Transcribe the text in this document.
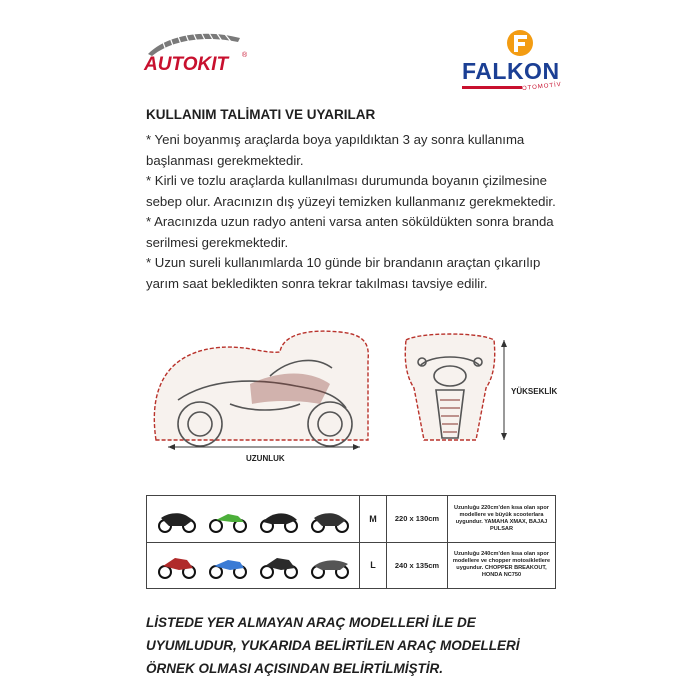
AUTOKIT ®
FALKON
OTOMOTİV
KULLANIM TALİMATI VE UYARILAR

* Yeni boyanmış araçlarda boya yapıldıktan 3 ay sonra kullanıma başlanması gerekmektedir.

* Kirli ve tozlu araçlarda kullanılması durumunda boyanın çizilmesine sebep olur. Aracınızın dış yüzeyi temizken kullanmanız gerekmektedir.

* Aracınızda uzun radyo anteni varsa anten söküldükten sonra branda serilmesi gerekmektedir.

* Uzun sureli kullanımlarda 10 günde bir brandanın araçtan çıkarılıp yarım saat bekledikten sonra tekrar takılması tavsiye edilir.

UZUNLUK
YÜKSEKLİK
	M	220 x 130cm	Uzunluğu 220cm'den kısa olan spor modellere ve büyük scooterlara uygundur. YAMAHA XMAX, BAJAJ PULSAR

	L	240 x 135cm	Uzunluğu 240cm'den kısa olan spor modellere ve chopper motosikletlere uygundur. CHOPPER BREAKOUT, HONDA NC750

LİSTEDE YER ALMAYAN ARAÇ MODELLERİ İLE DE UYUMLUDUR, YUKARIDA BELİRTİLEN ARAÇ MODELLERİ ÖRNEK OLMASI AÇISINDAN BELİRTİLMİŞTİR.
